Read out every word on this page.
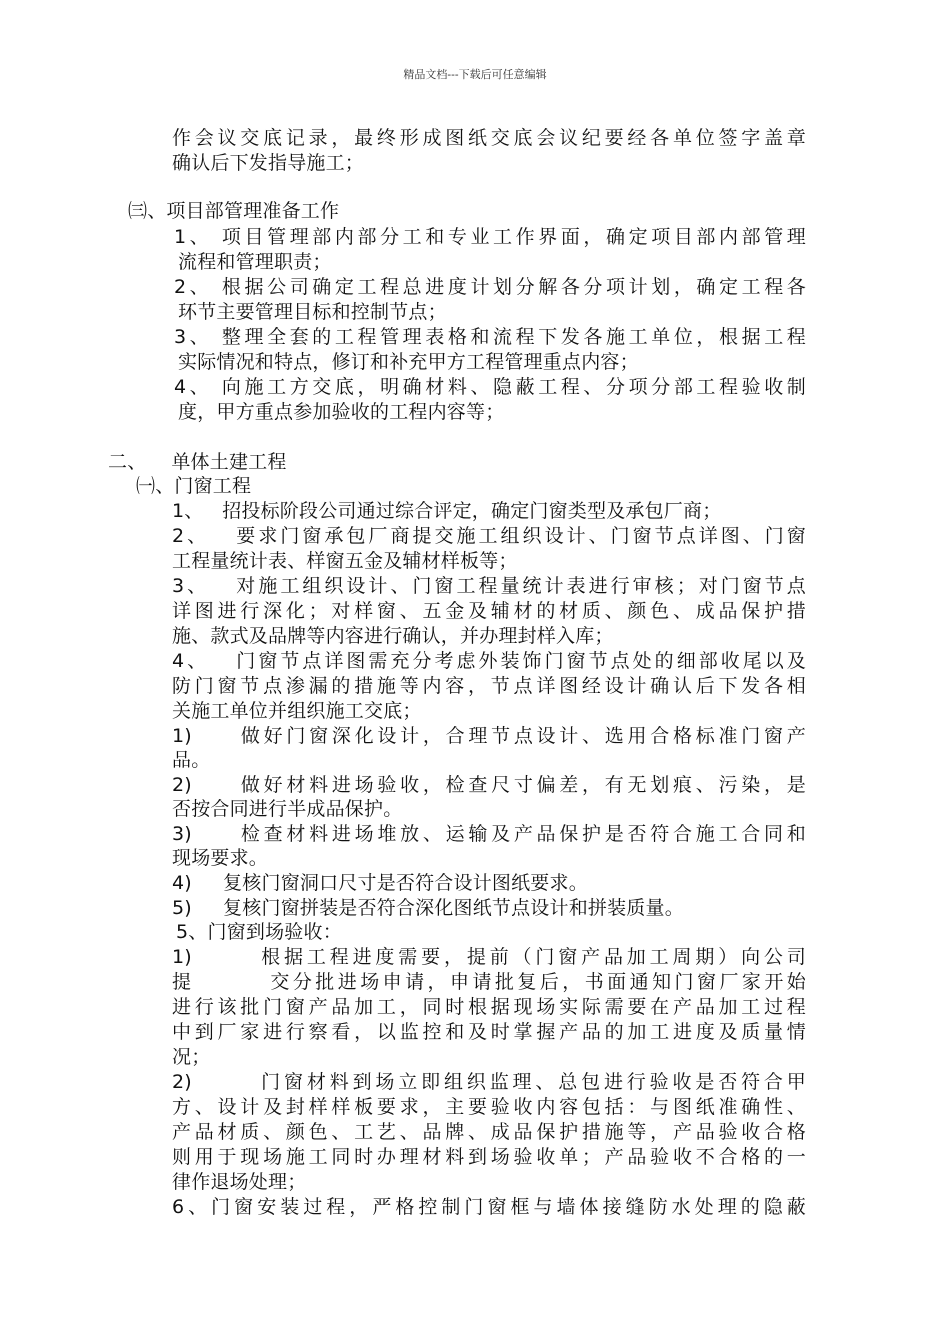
精品文档---下载后可任意编辑
作会议交底记录，最终形成图纸交底会议纪要经各单位签字盖章
确认后下发指导施工；
㈢、项目部管理准备工作
1、 项目管理部内部分工和专业工作界面，确定项目部内部管理
流程和管理职责；
2、 根据公司确定工程总进度计划分解各分项计划，确定工程各
环节主要管理目标和控制节点；
3、 整理全套的工程管理表格和流程下发各施工单位，根据工程
实际情况和特点，修订和补充甲方工程管理重点内容；
4、 向施工方交底，明确材料、隐蔽工程、分项分部工程验收制
度，甲方重点参加验收的工程内容等；
二、    单体土建工程
㈠、门窗工程
1、   招投标阶段公司通过综合评定，确定门窗类型及承包厂商；
2、   要求门窗承包厂商提交施工组织设计、门窗节点详图、门窗
工程量统计表、样窗五金及辅材样板等；
3、   对施工组织设计、门窗工程量统计表进行审核；对门窗节点
详图进行深化；对样窗、五金及辅材的材质、颜色、成品保护措
施、款式及品牌等内容进行确认，并办理封样入库；
4、   门窗节点详图需充分考虑外装饰门窗节点处的细部收尾以及
防门窗节点渗漏的措施等内容，节点详图经设计确认后下发各相
关施工单位并组织施工交底；
1)     做好门窗深化设计，合理节点设计、选用合格标准门窗产
品。
2)     做好材料进场验收，检查尺寸偏差，有无划痕、污染，是
否按合同进行半成品保护。
3)     检查材料进场堆放、运输及产品保护是否符合施工合同和
现场要求。
4)     复核门窗洞口尺寸是否符合设计图纸要求。
5)     复核门窗拼装是否符合深化图纸节点设计和拼装质量。
5、门窗到场验收：
1)       根据工程进度需要，提前（门窗产品加工周期）向公司
提        交分批进场申请，申请批复后，书面通知门窗厂家开始
进行该批门窗产品加工，同时根据现场实际需要在产品加工过程
中到厂家进行察看，以监控和及时掌握产品的加工进度及质量情
况；
2)       门窗材料到场立即组织监理、总包进行验收是否符合甲
方、设计及封样样板要求，主要验收内容包括：与图纸准确性、
产品材质、颜色、工艺、品牌、成品保护措施等，产品验收合格
则用于现场施工同时办理材料到场验收单；产品验收不合格的一
律作退场处理；
6、门窗安装过程，严格控制门窗框与墙体接缝防水处理的隐蔽
